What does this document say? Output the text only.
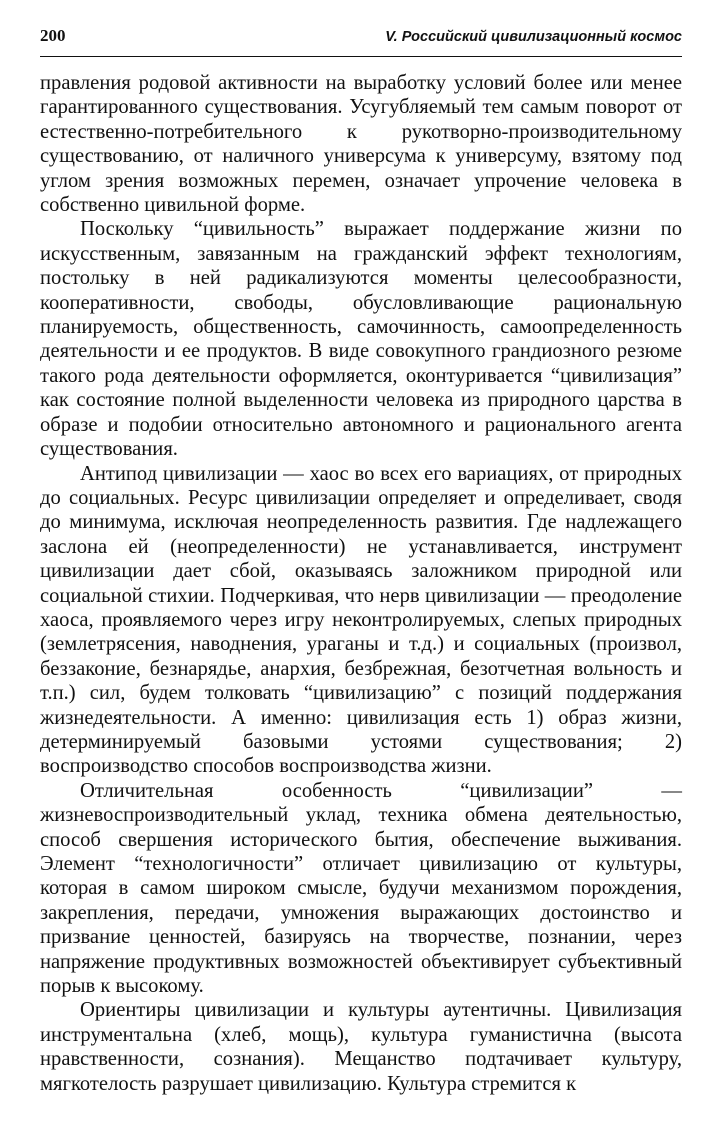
200	V. Российский цивилизационный космос

правления родовой активности на выработку условий более или менее гарантированного существования. Усугубляемый тем самым поворот от естественно-потребительного к рукотворно-производительному существованию, от наличного универсума к универсуму, взятому под углом зрения возможных перемен, означает упрочение человека в собственно цивильной форме.

Поскольку “цивильность” выражает поддержание жизни по искусственным, завязанным на гражданский эффект технологиям, постольку в ней радикализуются моменты целесообразности, кооперативности, свободы, обусловливающие рациональную планируемость, общественность, самочинность, самоопределенность деятельности и ее продуктов. В виде совокупного грандиозного резюме такого рода деятельности оформляется, оконтуривается “цивилизация” как состояние полной выделенности человека из природного царства в образе и подобии относительно автономного и рационального агента существования.

Антипод цивилизации — хаос во всех его вариациях, от природных до социальных. Ресурс цивилизации определяет и определивает, сводя до минимума, исключая неопределенность развития. Где надлежащего заслона ей (неопределенности) не устанавливается, инструмент цивилизации дает сбой, оказываясь заложником природной или социальной стихии. Подчеркивая, что нерв цивилизации — преодоление хаоса, проявляемого через игру неконтролируемых, слепых природных (землетрясения, наводнения, ураганы и т.д.) и социальных (произвол, беззаконие, безнарядье, анархия, безбрежная, безотчетная вольность и т.п.) сил, будем толковать “цивилизацию” с позиций поддержания жизнедеятельности. А именно: цивилизация есть 1) образ жизни, детерминируемый базовыми устоями существования; 2) воспроизводство способов воспроизводства жизни.

Отличительная особенность “цивилизации” — жизневоспроизводительный уклад, техника обмена деятельностью, способ свершения исторического бытия, обеспечение выживания. Элемент “технологичности” отличает цивилизацию от культуры, которая в самом широком смысле, будучи механизмом порождения, закрепления, передачи, умножения выражающих достоинство и призвание ценностей, базируясь на творчестве, познании, через напряжение продуктивных возможностей объективирует субъективный порыв к высокому.

Ориентиры цивилизации и культуры аутентичны. Цивилизация инструментальна (хлеб, мощь), культура гуманистична (высота нравственности, сознания). Мещанство подтачивает культуру, мягкотелость разрушает цивилизацию. Культура стремится к
